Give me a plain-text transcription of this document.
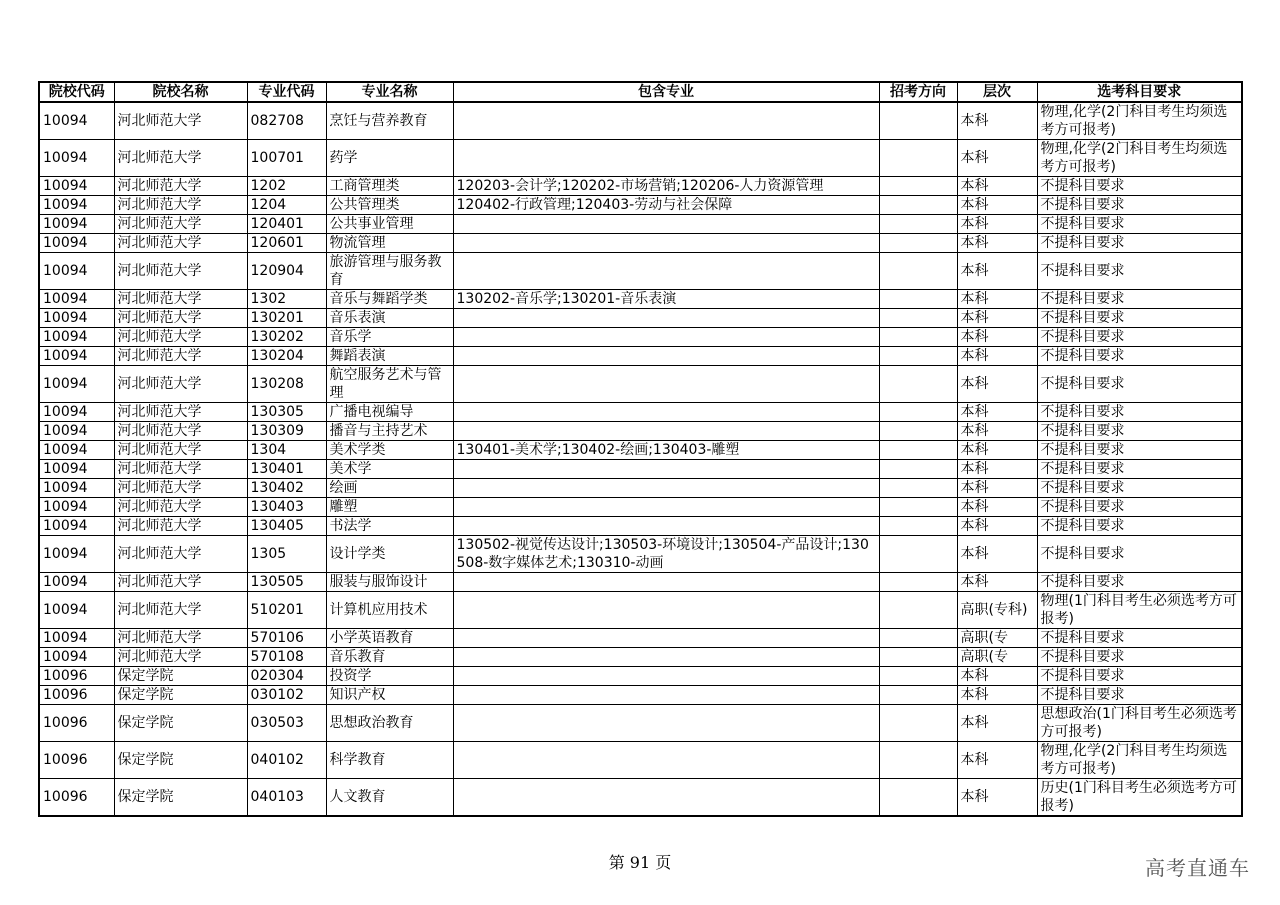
院校代码	院校名称	专业代码	专业名称	包含专业	招考方向	层次	选考科目要求
10094	河北师范大学	082708	烹饪与营养教育			本科	物理,化学(2门科目考生均须选考方可报考)
10094	河北师范大学	100701	药学			本科	物理,化学(2门科目考生均须选考方可报考)
10094	河北师范大学	1202	工商管理类	120203-会计学;120202-市场营销;120206-人力资源管理		本科	不提科目要求
10094	河北师范大学	1204	公共管理类	120402-行政管理;120403-劳动与社会保障		本科	不提科目要求
10094	河北师范大学	120401	公共事业管理			本科	不提科目要求
10094	河北师范大学	120601	物流管理			本科	不提科目要求
10094	河北师范大学	120904	旅游管理与服务教育			本科	不提科目要求
10094	河北师范大学	1302	音乐与舞蹈学类	130202-音乐学;130201-音乐表演		本科	不提科目要求
10094	河北师范大学	130201	音乐表演			本科	不提科目要求
10094	河北师范大学	130202	音乐学			本科	不提科目要求
10094	河北师范大学	130204	舞蹈表演			本科	不提科目要求
10094	河北师范大学	130208	航空服务艺术与管理			本科	不提科目要求
10094	河北师范大学	130305	广播电视编导			本科	不提科目要求
10094	河北师范大学	130309	播音与主持艺术			本科	不提科目要求
10094	河北师范大学	1304	美术学类	130401-美术学;130402-绘画;130403-雕塑		本科	不提科目要求
10094	河北师范大学	130401	美术学			本科	不提科目要求
10094	河北师范大学	130402	绘画			本科	不提科目要求
10094	河北师范大学	130403	雕塑			本科	不提科目要求
10094	河北师范大学	130405	书法学			本科	不提科目要求
10094	河北师范大学	1305	设计学类	130502-视觉传达设计;130503-环境设计;130504-产品设计;130508-数字媒体艺术;130310-动画		本科	不提科目要求
10094	河北师范大学	130505	服装与服饰设计			本科	不提科目要求
10094	河北师范大学	510201	计算机应用技术			高职(专科)	物理(1门科目考生必须选考方可报考)
10094	河北师范大学	570106	小学英语教育			高职(专	不提科目要求
10094	河北师范大学	570108	音乐教育			高职(专	不提科目要求
10096	保定学院	020304	投资学			本科	不提科目要求
10096	保定学院	030102	知识产权			本科	不提科目要求
10096	保定学院	030503	思想政治教育			本科	思想政治(1门科目考生必须选考方可报考)
10096	保定学院	040102	科学教育			本科	物理,化学(2门科目考生均须选考方可报考)
10096	保定学院	040103	人文教育			本科	历史(1门科目考生必须选考方可报考)
第 91 页	高考直通车
